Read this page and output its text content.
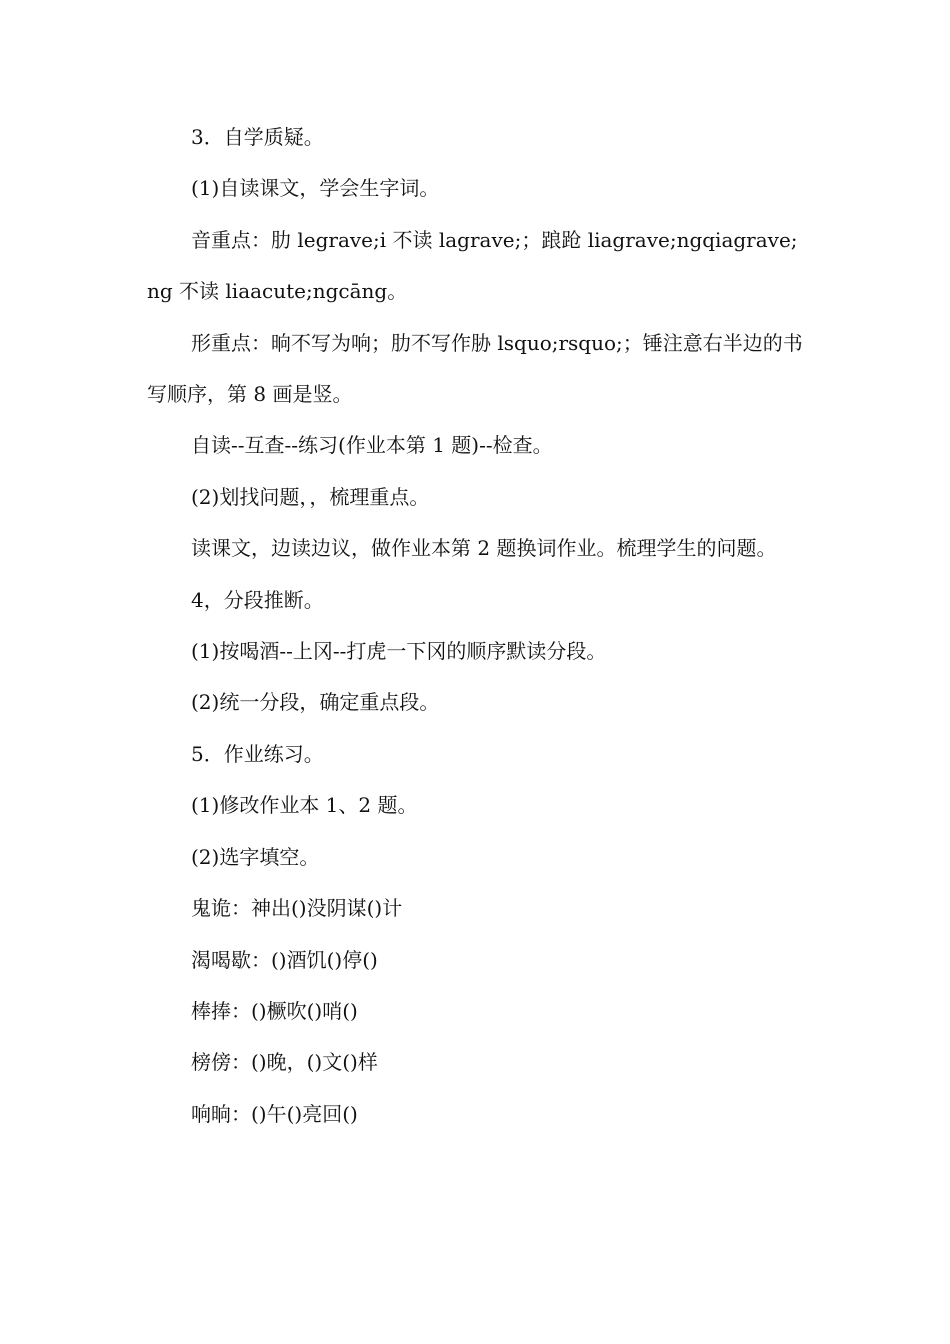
3．自学质疑。

(1)自读课文，学会生字词。

音重点：肋 legrave;i 不读 lagrave;；踉跄 liagrave;ngqiagrave;ng 不读 liaacute;ngcāng。

形重点：晌不写为响；肋不写作胁 lsquo;rsquo;；锤注意右半边的书写顺序，第 8 画是竖。

自读--互查--练习(作业本第 1 题)--检查。

(2)划找问题，，梳理重点。

读课文，边读边议，做作业本第 2 题换词作业。梳理学生的问题。

4，分段推断。

(1)按喝酒--上冈--打虎一下冈的顺序默读分段。

(2)统一分段，确定重点段。

5．作业练习。

(1)修改作业本 1、2 题。

(2)选字填空。

鬼诡：神出()没阴谋()计

渴喝歇：()酒饥()停()

棒捧：()橛吹()哨()

榜傍：()晚，()文()样

响晌：()午()亮回()
